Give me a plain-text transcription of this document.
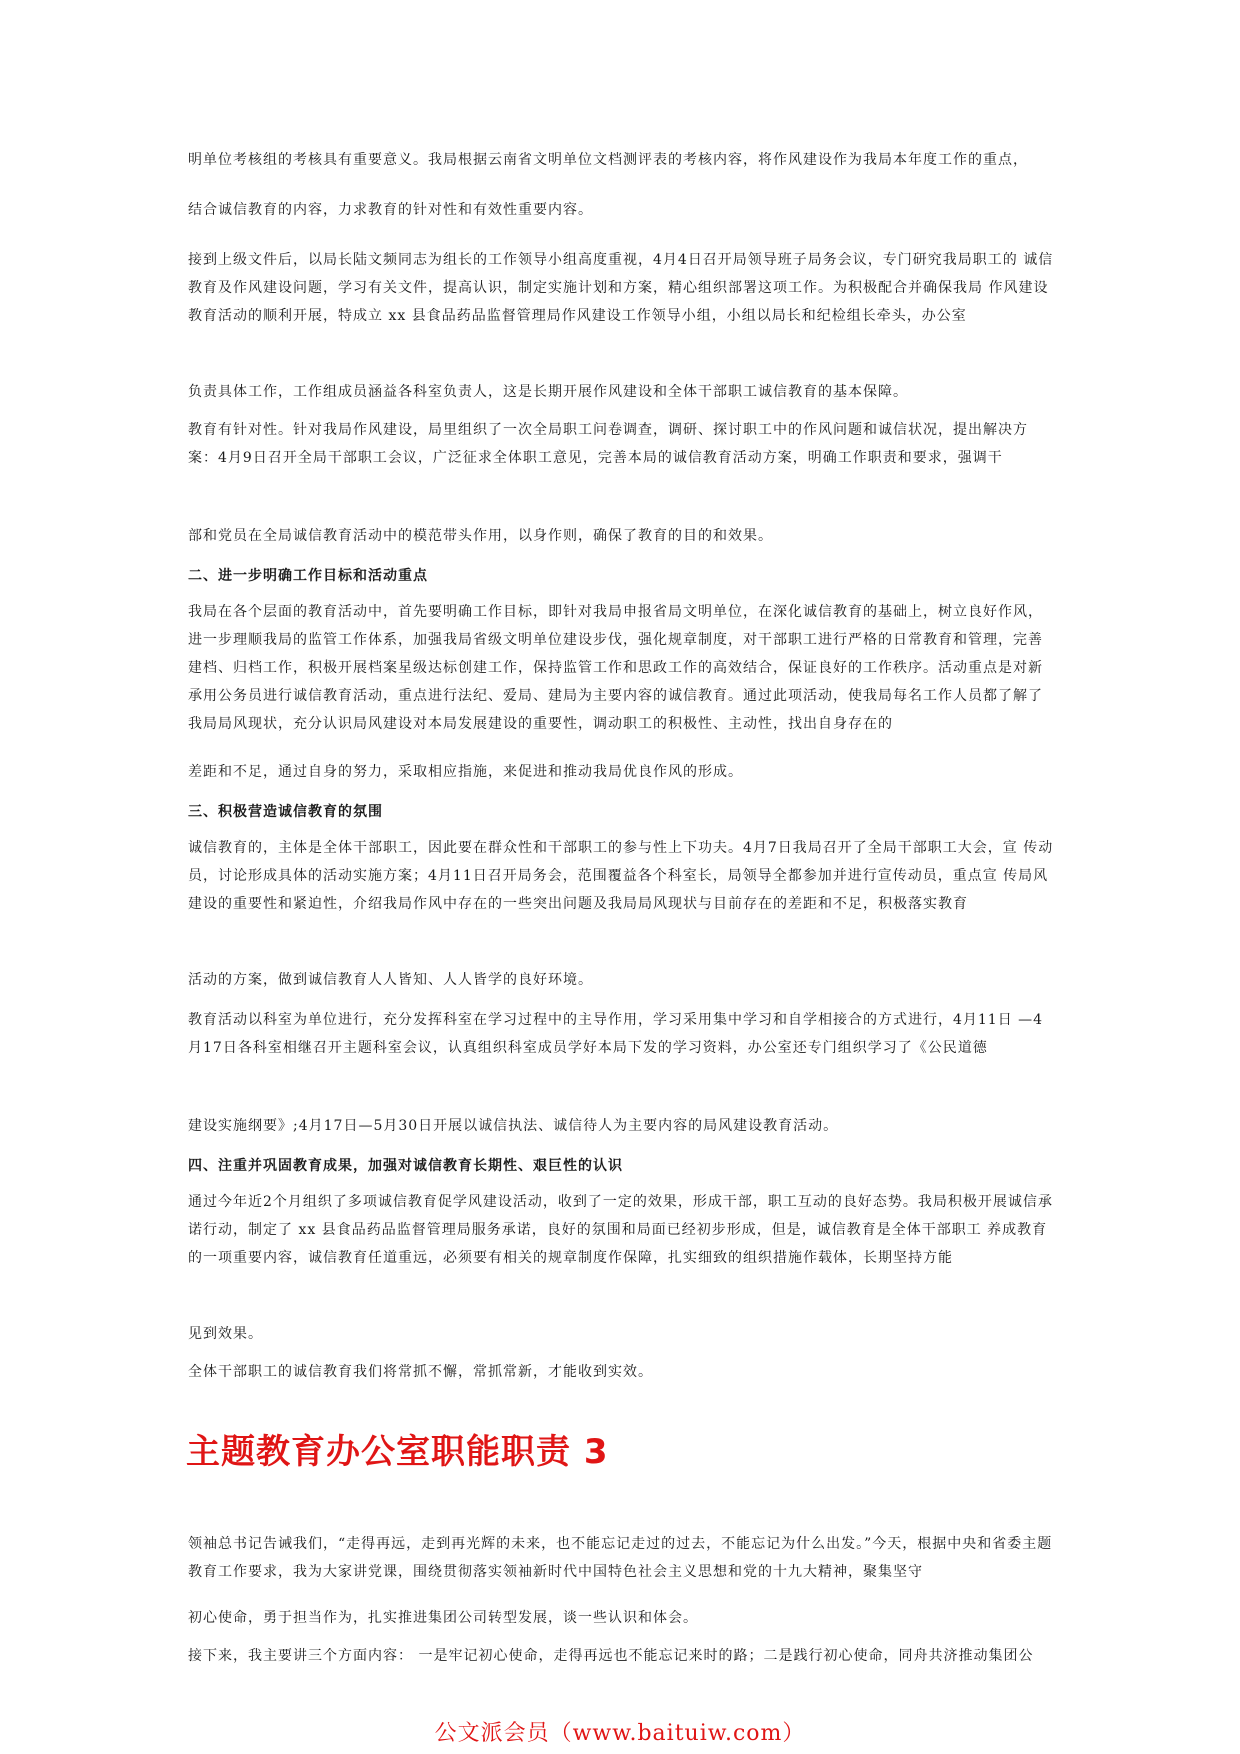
明单位考核组的考核具有重要意义。我局根据云南省文明单位文档测评表的考核内容，将作风建设作为我局本年度工作的重点，

结合诚信教育的内容，力求教育的针对性和有效性重要内容。

接到上级文件后，以局长陆文频同志为组长的工作领导小组高度重视，4月4日召开局领导班子局务会议，专门研究我局职工的 诚信教育及作风建设问题，学习有关文件，提高认识，制定实施计划和方案，精心组织部署这项工作。为积极配合并确保我局 作风建设教育活动的顺利开展，特成立 xx 县食品药品监督管理局作风建设工作领导小组，小组以局长和纪检组长牵头，办公室

负责具体工作，工作组成员涵益各科室负责人，这是长期开展作风建设和全体干部职工诚信教育的基本保障。

教育有针对性。针对我局作风建设，局里组织了一次全局职工问卷调查，调研、探讨职工中的作风问题和诚信状况，提出解决方案：4月9日召开全局干部职工会议，广泛征求全体职工意见，完善本局的诚信教育活动方案，明确工作职责和要求，强调干

部和党员在全局诚信教育活动中的模范带头作用，以身作则，确保了教育的目的和效果。

二、进一步明确工作目标和活动重点

我局在各个层面的教育活动中，首先要明确工作目标，即针对我局申报省局文明单位，在深化诚信教育的基础上，树立良好作风，进一步理顺我局的监管工作体系，加强我局省级文明单位建设步伐，强化规章制度，对干部职工进行严格的日常教育和管理，完善建档、归档工作，积极开展档案星级达标创建工作，保持监管工作和思政工作的高效结合，保证良好的工作秩序。活动重点是对新承用公务员进行诚信教育活动，重点进行法纪、爱局、建局为主要内容的诚信教育。通过此项活动，使我局每名工作人员都了解了我局局风现状，充分认识局风建设对本局发展建设的重要性，调动职工的积极性、主动性，找出自身存在的

差距和不足，通过自身的努力，采取相应指施，来促进和推动我局优良作风的形成。

三、积极营造诚信教育的氛围

诚信教育的，主体是全体干部职工，因此要在群众性和干部职工的参与性上下功夫。4月7日我局召开了全局干部职工大会，宣 传动员，讨论形成具体的活动实施方案；4月11日召开局务会，范围覆益各个科室长，局领导全都参加并进行宣传动员，重点宣 传局风建设的重要性和紧迫性，介绍我局作风中存在的一些突出问题及我局局风现状与目前存在的差距和不足，积极落实教育

活动的方案，做到诚信教育人人皆知、人人皆学的良好环境。

教育活动以科室为单位进行，充分发挥科室在学习过程中的主导作用，学习采用集中学习和自学相接合的方式进行，4月11日 —4月17日各科室相继召开主题科室会议，认真组织科室成员学好本局下发的学习资料，办公室还专门组织学习了《公民道德

建设实施纲要》;4月17日—5月30日开展以诚信执法、诚信待人为主要内容的局风建设教育活动。

四、注重并巩固教育成果，加强对诚信教育长期性、艰巨性的认识

通过今年近2个月组织了多项诚信教育促学风建设活动，收到了一定的效果，形成干部，职工互动的良好态势。我局积极开展诚信承诺行动，制定了 xx 县食品药品监督管理局服务承诺，良好的氛围和局面已经初步形成，但是，诚信教育是全体干部职工 养成教育的一项重要内容，诚信教育任道重远，必须要有相关的规章制度作保障，扎实细致的组织措施作载体，长期坚持方能

见到效果。

全体干部职工的诚信教育我们将常抓不懈，常抓常新，才能收到实效。

主题教育办公室职能职责 3

领袖总书记告诫我们，“走得再远，走到再光辉的未来，也不能忘记走过的过去，不能忘记为什么出发。”今天，根据中央和省委主题教育工作要求，我为大家讲党课，围绕贯彻落实领袖新时代中国特色社会主义思想和党的十九大精神，聚集坚守

初心使命，勇于担当作为，扎实推进集团公司转型发展，谈一些认识和体会。

接下来，我主要讲三个方面内容： 一是牢记初心使命，走得再远也不能忘记来时的路；二是践行初心使命，同舟共济推动集团公

公文派会员（www.baituiw.com）
